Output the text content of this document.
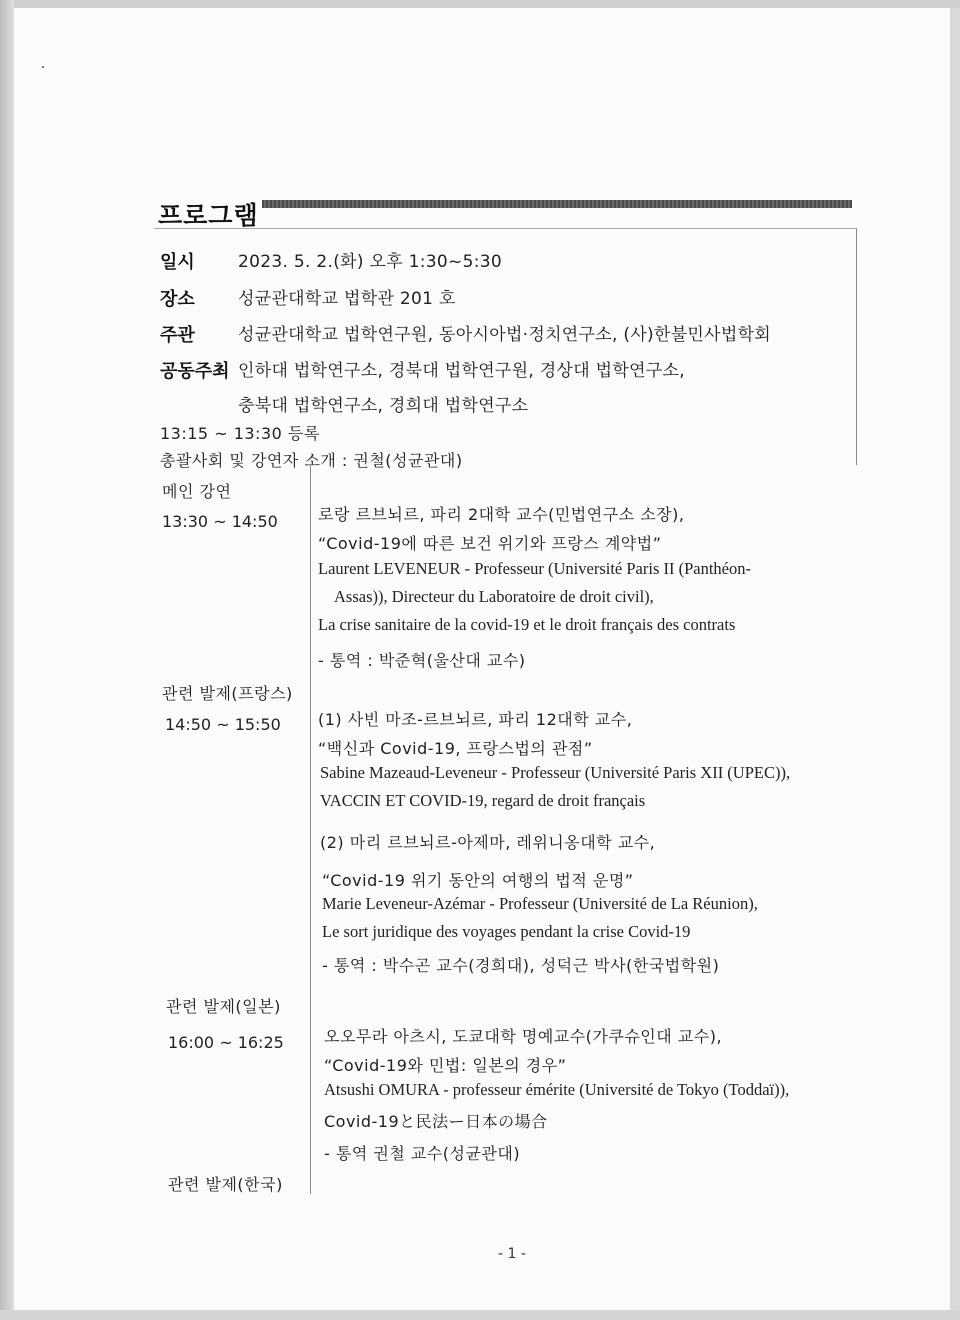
프로그램
일시	2023. 5. 2.(화) 오후 1:30~5:30
장소	성균관대학교 법학관 201 호
주관	성균관대학교 법학연구원, 동아시아법·정치연구소, (사)한불민사법학회
공동주최 인하대 법학연구소, 경북대 법학연구원, 경상대 법학연구소,
충북대 법학연구소, 경희대 법학연구소
13:15 ~ 13:30 등록
총괄사회 및 강연자 소개 : 권철(성균관대)
메인 강연
13:30 ~ 14:50	로랑 르브뇌르, 파리 2대학 교수(민법연구소 소장),
“Covid-19에 따른 보건 위기와 프랑스 계약법”
Laurent LEVENEUR - Professeur (Université Paris II (Panthéon-
Assas)), Directeur du Laboratoire de droit civil),
La crise sanitaire de la covid-19 et le droit français des contrats
- 통역 : 박준혁(울산대 교수)
관련 발제(프랑스)
14:50 ~ 15:50 (1) 사빈 마조-르브뇌르, 파리 12대학 교수,
“백신과 Covid-19, 프랑스법의 관점”
Sabine Mazeaud-Leveneur - Professeur (Université Paris XII (UPEC)),
VACCIN ET COVID-19, regard de droit français
(2) 마리 르브뇌르-아제마, 레위니옹대학 교수,
“Covid-19 위기 동안의 여행의 법적 운명”
Marie Leveneur-Azémar - Professeur (Université de La Réunion),
Le sort juridique des voyages pendant la crise Covid-19
- 통역 : 박수곤 교수(경희대), 성덕근 박사(한국법학원)
관련 발제(일본)
16:00 ~ 16:25	오오무라 아츠시, 도쿄대학 명예교수(가쿠슈인대 교수),
“Covid-19와 민법: 일본의 경우”
Atsushi OMURA - professeur émérite (Université de Tokyo (Toddaï)),
Covid-19と民法ー日本の場合
- 통역 권철 교수(성균관대)
관련 발제(한국)
- 1 -
